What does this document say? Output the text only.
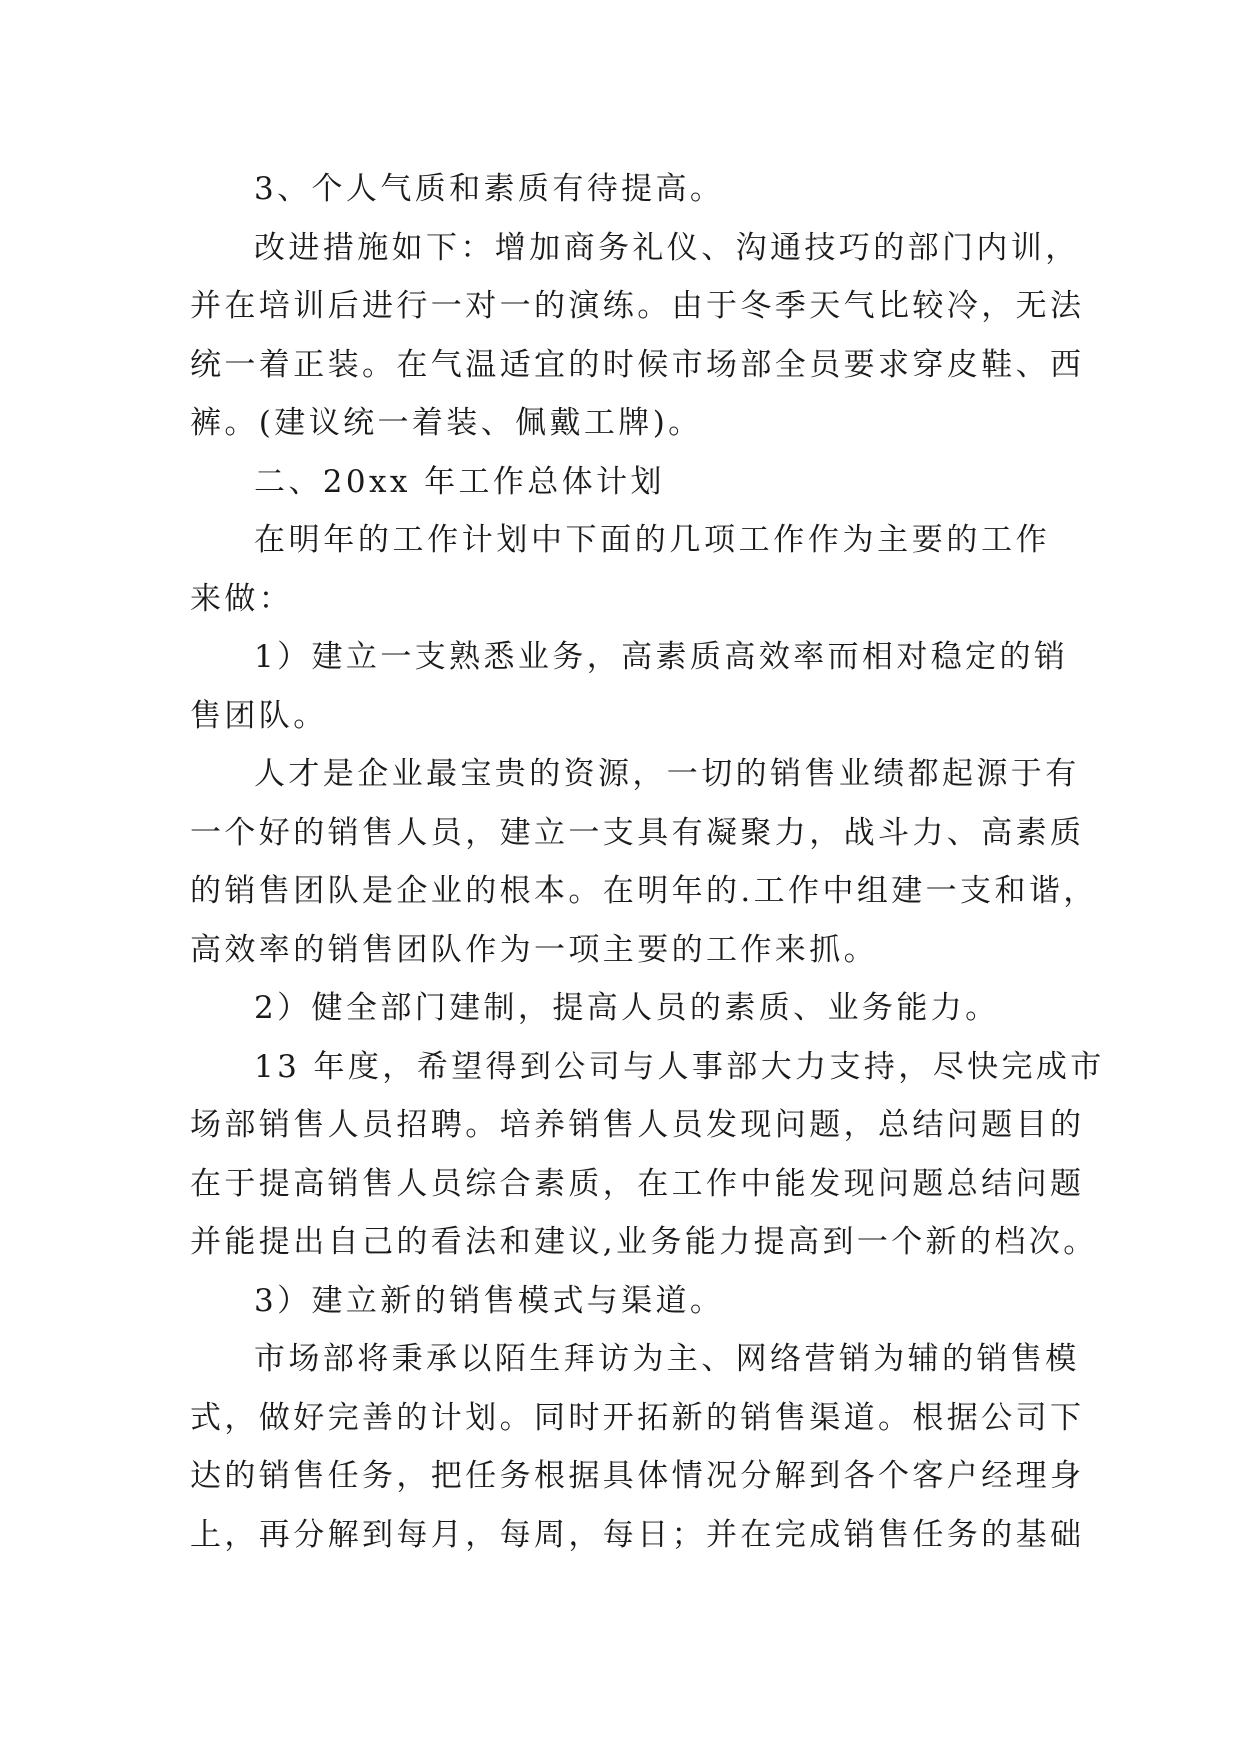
3、个人气质和素质有待提高。
改进措施如下：增加商务礼仪、沟通技巧的部门内训，
并在培训后进行一对一的演练。由于冬季天气比较冷，无法
统一着正装。在气温适宜的时候市场部全员要求穿皮鞋、西
裤。(建议统一着装、佩戴工牌)。
二、20xx 年工作总体计划
在明年的工作计划中下面的几项工作作为主要的工作
来做：
1）建立一支熟悉业务，高素质高效率而相对稳定的销
售团队。
人才是企业最宝贵的资源，一切的销售业绩都起源于有
一个好的销售人员，建立一支具有凝聚力，战斗力、高素质
的销售团队是企业的根本。在明年的.工作中组建一支和谐，
高效率的销售团队作为一项主要的工作来抓。
2）健全部门建制，提高人员的素质、业务能力。
13 年度，希望得到公司与人事部大力支持，尽快完成市
场部销售人员招聘。培养销售人员发现问题，总结问题目的
在于提高销售人员综合素质，在工作中能发现问题总结问题
并能提出自己的看法和建议,业务能力提高到一个新的档次。
3）建立新的销售模式与渠道。
市场部将秉承以陌生拜访为主、网络营销为辅的销售模
式，做好完善的计划。同时开拓新的销售渠道。根据公司下
达的销售任务，把任务根据具体情况分解到各个客户经理身
上，再分解到每月，每周，每日；并在完成销售任务的基础
